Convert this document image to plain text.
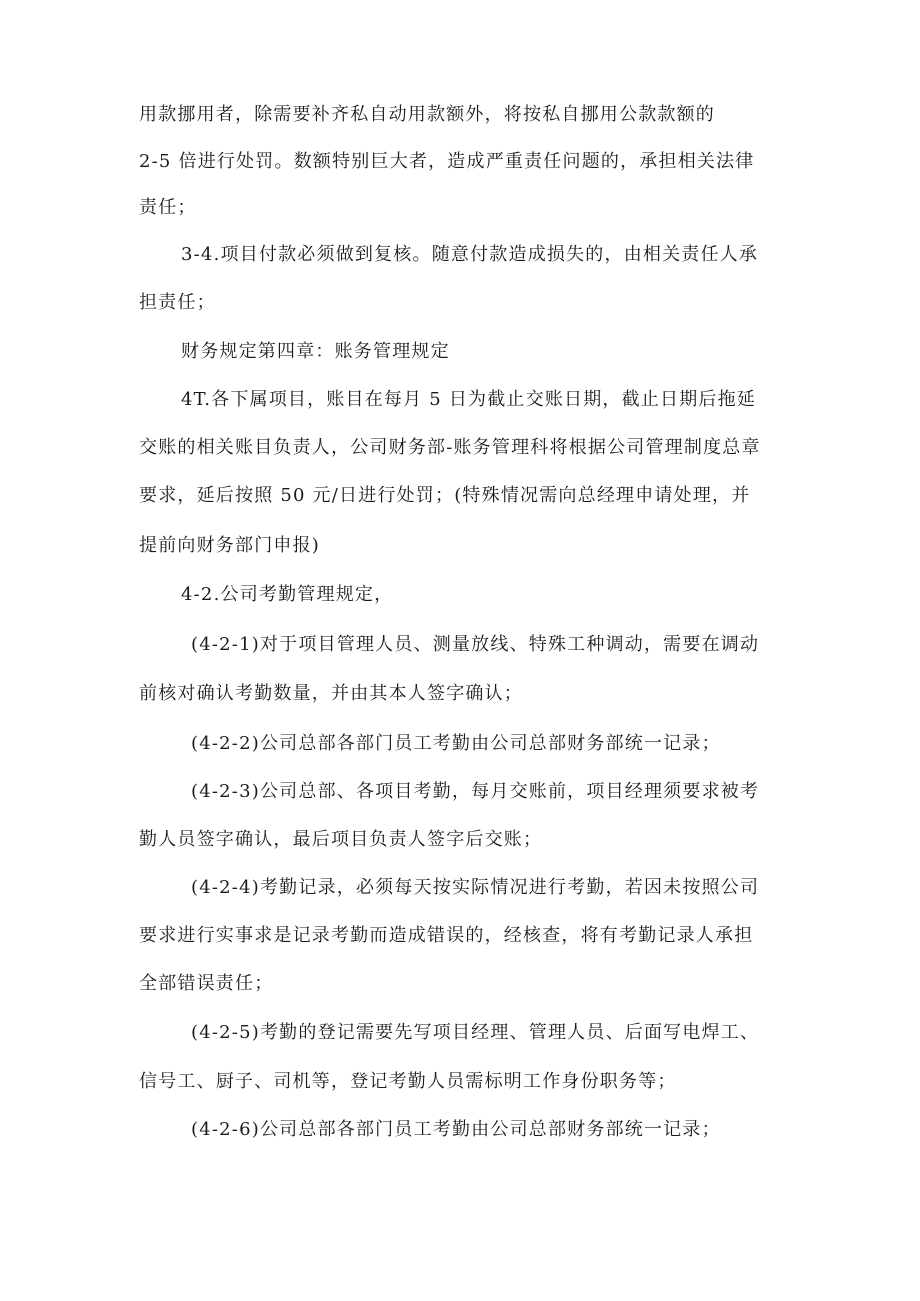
用款挪用者，除需要补齐私自动用款额外，将按私自挪用公款款额的
2-5 倍进行处罚。数额特别巨大者，造成严重责任问题的，承担相关法律
责任；
3-4.项目付款必须做到复核。随意付款造成损失的，由相关责任人承
担责任；
财务规定第四章：账务管理规定
4T.各下属项目，账目在每月 5 日为截止交账日期，截止日期后拖延
交账的相关账目负责人，公司财务部-账务管理科将根据公司管理制度总章
要求，延后按照 50 元/日进行处罚；(特殊情况需向总经理申请处理，并
提前向财务部门申报)
4-2.公司考勤管理规定，
(4-2-1)对于项目管理人员、测量放线、特殊工种调动，需要在调动
前核对确认考勤数量，并由其本人签字确认；
(4-2-2)公司总部各部门员工考勤由公司总部财务部统一记录；
(4-2-3)公司总部、各项目考勤，每月交账前，项目经理须要求被考
勤人员签字确认，最后项目负责人签字后交账；
(4-2-4)考勤记录，必须每天按实际情况进行考勤，若因未按照公司
要求进行实事求是记录考勤而造成错误的，经核查，将有考勤记录人承担
全部错误责任；
(4-2-5)考勤的登记需要先写项目经理、管理人员、后面写电焊工、
信号工、厨子、司机等，登记考勤人员需标明工作身份职务等；
(4-2-6)公司总部各部门员工考勤由公司总部财务部统一记录；
